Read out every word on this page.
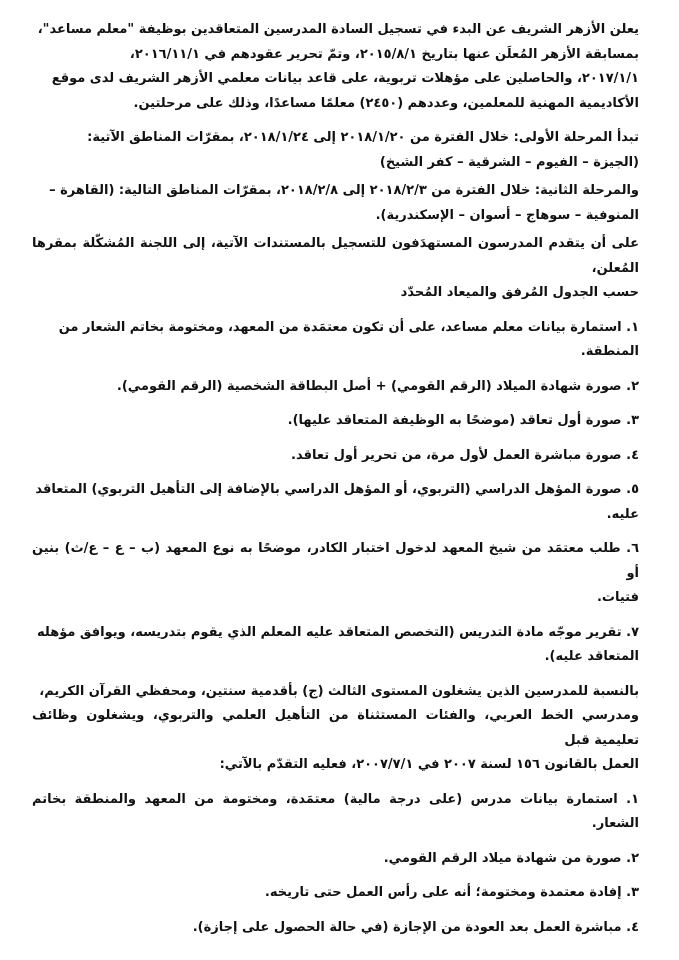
يعلن الأزهر الشريف عن البدء في تسجيل السادة المدرسين المتعاقدين بوظيفة "معلم مساعد"،
بمسابقة الأزهر المُعلَن عنها بتاريخ ٢٠١٥/٨/١، وتمّ تحرير عقودهم في ٢٠١٦/١١/١،
٢٠١٧/١/١، والحاصلين على مؤهلات تربوية، على قاعد بيانات معلمي الأزهر الشريف لدى موقع
الأكاديمية المهنية للمعلمين، وعددهم (٢٤٥٠) معلمًا مساعدًا، وذلك على مرحلتين.

تبدأ المرحلة الأولى: خلال الفترة من ٢٠١٨/١/٢٠ إلى ٢٠١٨/١/٢٤، بمقرّات المناطق الآتية:
(الجيزة – الفيوم – الشرقية – كفر الشيخ)

والمرحلة الثانية: خلال الفترة من ٢٠١٨/٢/٣ إلى ٢٠١٨/٢/٨، بمقرّات المناطق التالية: (القاهرة –
المنوفية – سوهاج – أسوان – الإسكندرية).

على أن يتقدم المدرسون المستهدَفون للتسجيل بالمستندات الآتية، إلى اللجنة المُشكّلة بمقرها المُعلن،
حسب الجدول المُرفق والميعاد المُحدّد

١. استمارة بيانات معلم مساعد، على أن تكون معتمَدة من المعهد، ومختومة بخاتم الشعار من
المنطقة.

٢. صورة شهادة الميلاد (الرقم القومي) + أصل البطاقة الشخصية (الرقم القومي).

٣. صورة أول تعاقد (موضحًا به الوظيفة المتعاقد عليها).

٤. صورة مباشرة العمل لأول مرة، من تحرير أول تعاقد.

٥. صورة المؤهل الدراسي (التربوي، أو المؤهل الدراسي بالإضافة إلى التأهيل التربوي) المتعاقد
عليه.

٦. طلب معتمَد من شيخ المعهد لدخول اختبار الكادر، موضحًا به نوع المعهد (ب – ع – ع/ث) بنين أو
فتيات.

٧. تقرير موجّه مادة التدريس (التخصص المتعاقد عليه المعلم الذي يقوم بتدريسه، ويوافق مؤهله
المتعاقد عليه).

بالنسبة للمدرسين الذين يشغلون المستوى الثالث (ج) بأقدمية سنتين، ومحفظي القرآن الكريم،
ومدرسي الخط العربي، والفئات المستثناة من التأهيل العلمي والتربوي، ويشغلون وظائف تعليمية قبل
العمل بالقانون ١٥٦ لسنة ٢٠٠٧ في ٢٠٠٧/٧/١، فعليه التقدّم بالآتي:

١. استمارة بيانات مدرس (على درجة مالية) معتمَدة، ومختومة من المعهد والمنطقة بخاتم الشعار.

٢. صورة من شهادة ميلاد الرقم القومي.

٣. إفادة معتمدة ومختومة؛ أنه على رأس العمل حتى تاريخه.

٤. مباشرة العمل بعد العودة من الإجازة (في حالة الحصول على إجازة).
